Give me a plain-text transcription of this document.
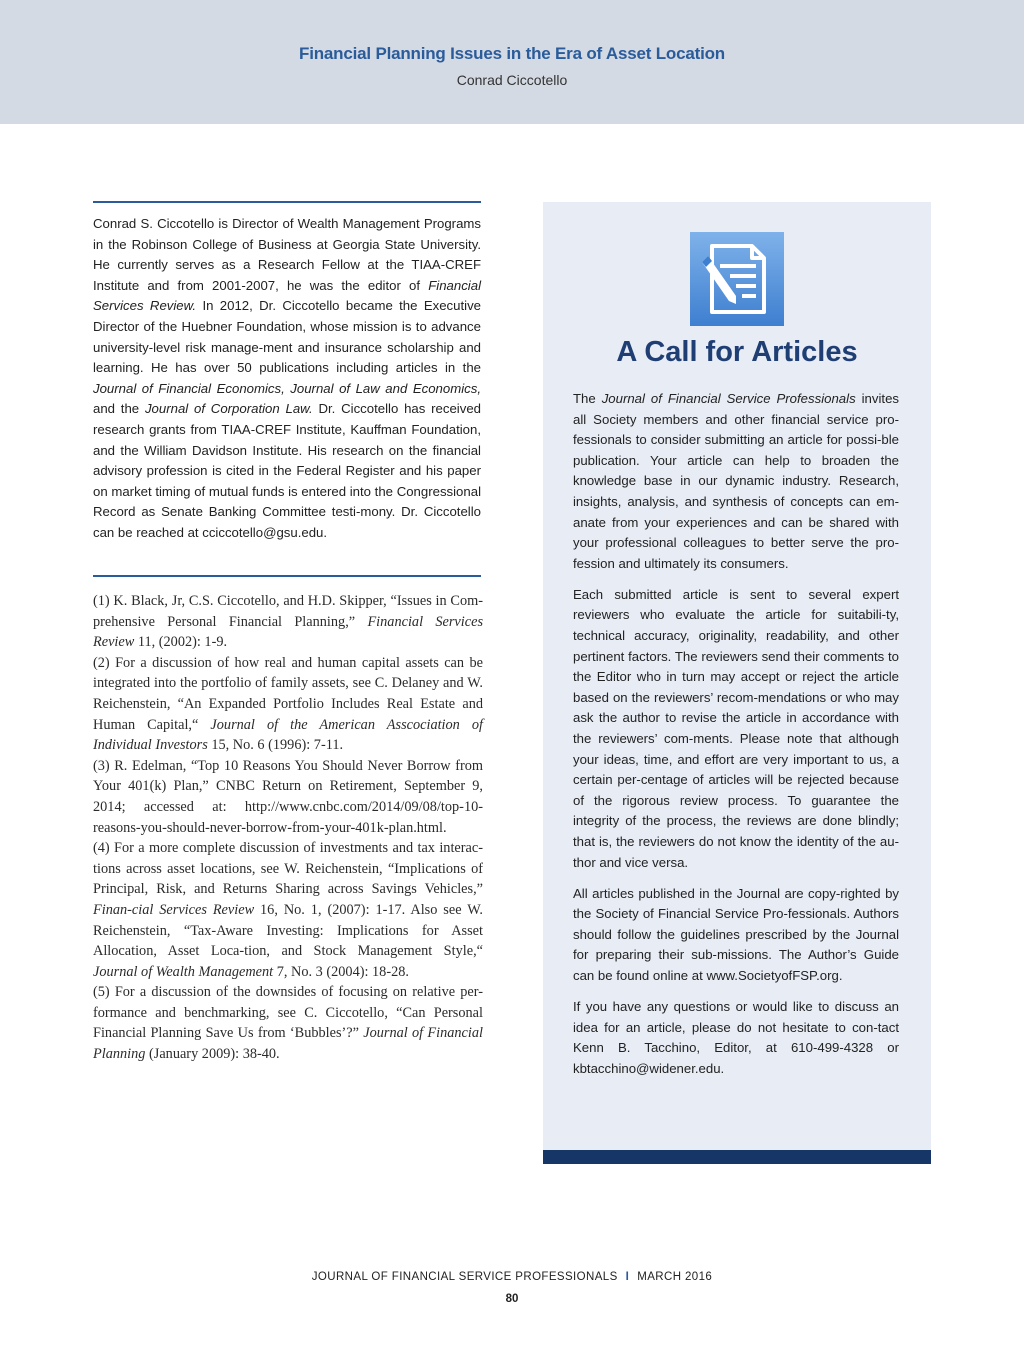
Financial Planning Issues in the Era of Asset Location
Conrad Ciccotello
Conrad S. Ciccotello is Director of Wealth Management Programs in the Robinson College of Business at Georgia State University. He currently serves as a Research Fellow at the TIAA-CREF Institute and from 2001-2007, he was the editor of Financial Services Review. In 2012, Dr. Ciccotello became the Executive Director of the Huebner Foundation, whose mission is to advance university-level risk manage-ment and insurance scholarship and learning. He has over 50 publications including articles in the Journal of Financial Economics, Journal of Law and Economics, and the Journal of Corporation Law. Dr. Ciccotello has received research grants from TIAA-CREF Institute, Kauffman Foundation, and the William Davidson Institute. His research on the financial advisory profession is cited in the Federal Register and his paper on market timing of mutual funds is entered into the Congressional Record as Senate Banking Committee testi-mony. Dr. Ciccotello can be reached at cciccotello@gsu.edu.

(1) K. Black, Jr, C.S. Ciccotello, and H.D. Skipper, “Issues in Com-prehensive Personal Financial Planning,” Financial Services Review 11, (2002): 1-9.

(2) For a discussion of how real and human capital assets can be integrated into the portfolio of family assets, see C. Delaney and W. Reichenstein, “An Expanded Portfolio Includes Real Estate and Human Capital,“ Journal of the American Asscociation of Individual Investors 15, No. 6 (1996): 7-11.

(3) R. Edelman, “Top 10 Reasons You Should Never Borrow from Your 401(k) Plan,” CNBC Return on Retirement, September 9, 2014; accessed at: http://www.cnbc.com/2014/09/08/top-10-reasons-you-should-never-borrow-from-your-401k-plan.html.

(4) For a more complete discussion of investments and tax interac-tions across asset locations, see W. Reichenstein, “Implications of Principal, Risk, and Returns Sharing across Savings Vehicles,” Finan-cial Services Review 16, No. 1, (2007): 1-17. Also see W. Reichenstein, “Tax-Aware Investing: Implications for Asset Allocation, Asset Loca-tion, and Stock Management Style,“ Journal of Wealth Management 7, No. 3 (2004): 18-28.

(5) For a discussion of the downsides of focusing on relative per-formance and benchmarking, see C. Ciccotello, “Can Personal Financial Planning Save Us from ‘Bubbles’?” Journal of Financial Planning (January 2009): 38-40.

A Call for Articles

The Journal of Financial Service Professionals invites all Society members and other financial service pro-fessionals to consider submitting an article for possi-ble publication. Your article can help to broaden the knowledge base in our dynamic industry. Research, insights, analysis, and synthesis of concepts can em-anate from your experiences and can be shared with your professional colleagues to better serve the pro-fession and ultimately its consumers.

Each submitted article is sent to several expert reviewers who evaluate the article for suitabili-ty, technical accuracy, originality, readability, and other pertinent factors. The reviewers send their comments to the Editor who in turn may accept or reject the article based on the reviewers’ recom-mendations or who may ask the author to revise the article in accordance with the reviewers’ com-ments. Please note that although your ideas, time, and effort are very important to us, a certain per-centage of articles will be rejected because of the rigorous review process. To guarantee the integrity of the process, the reviews are done blindly; that is, the reviewers do not know the identity of the au-thor and vice versa.

All articles published in the Journal are copy-righted by the Society of Financial Service Pro-fessionals. Authors should follow the guidelines prescribed by the Journal for preparing their sub-missions. The Author’s Guide can be found online at www.SocietyofFSP.org.

If you have any questions or would like to discuss an idea for an article, please do not hesitate to con-tact Kenn B. Tacchino, Editor, at 610-499-4328 or kbtacchino@widener.edu.

JOURNAL OF FINANCIAL SERVICE PROFESSIONALS I MARCH 2016
80
